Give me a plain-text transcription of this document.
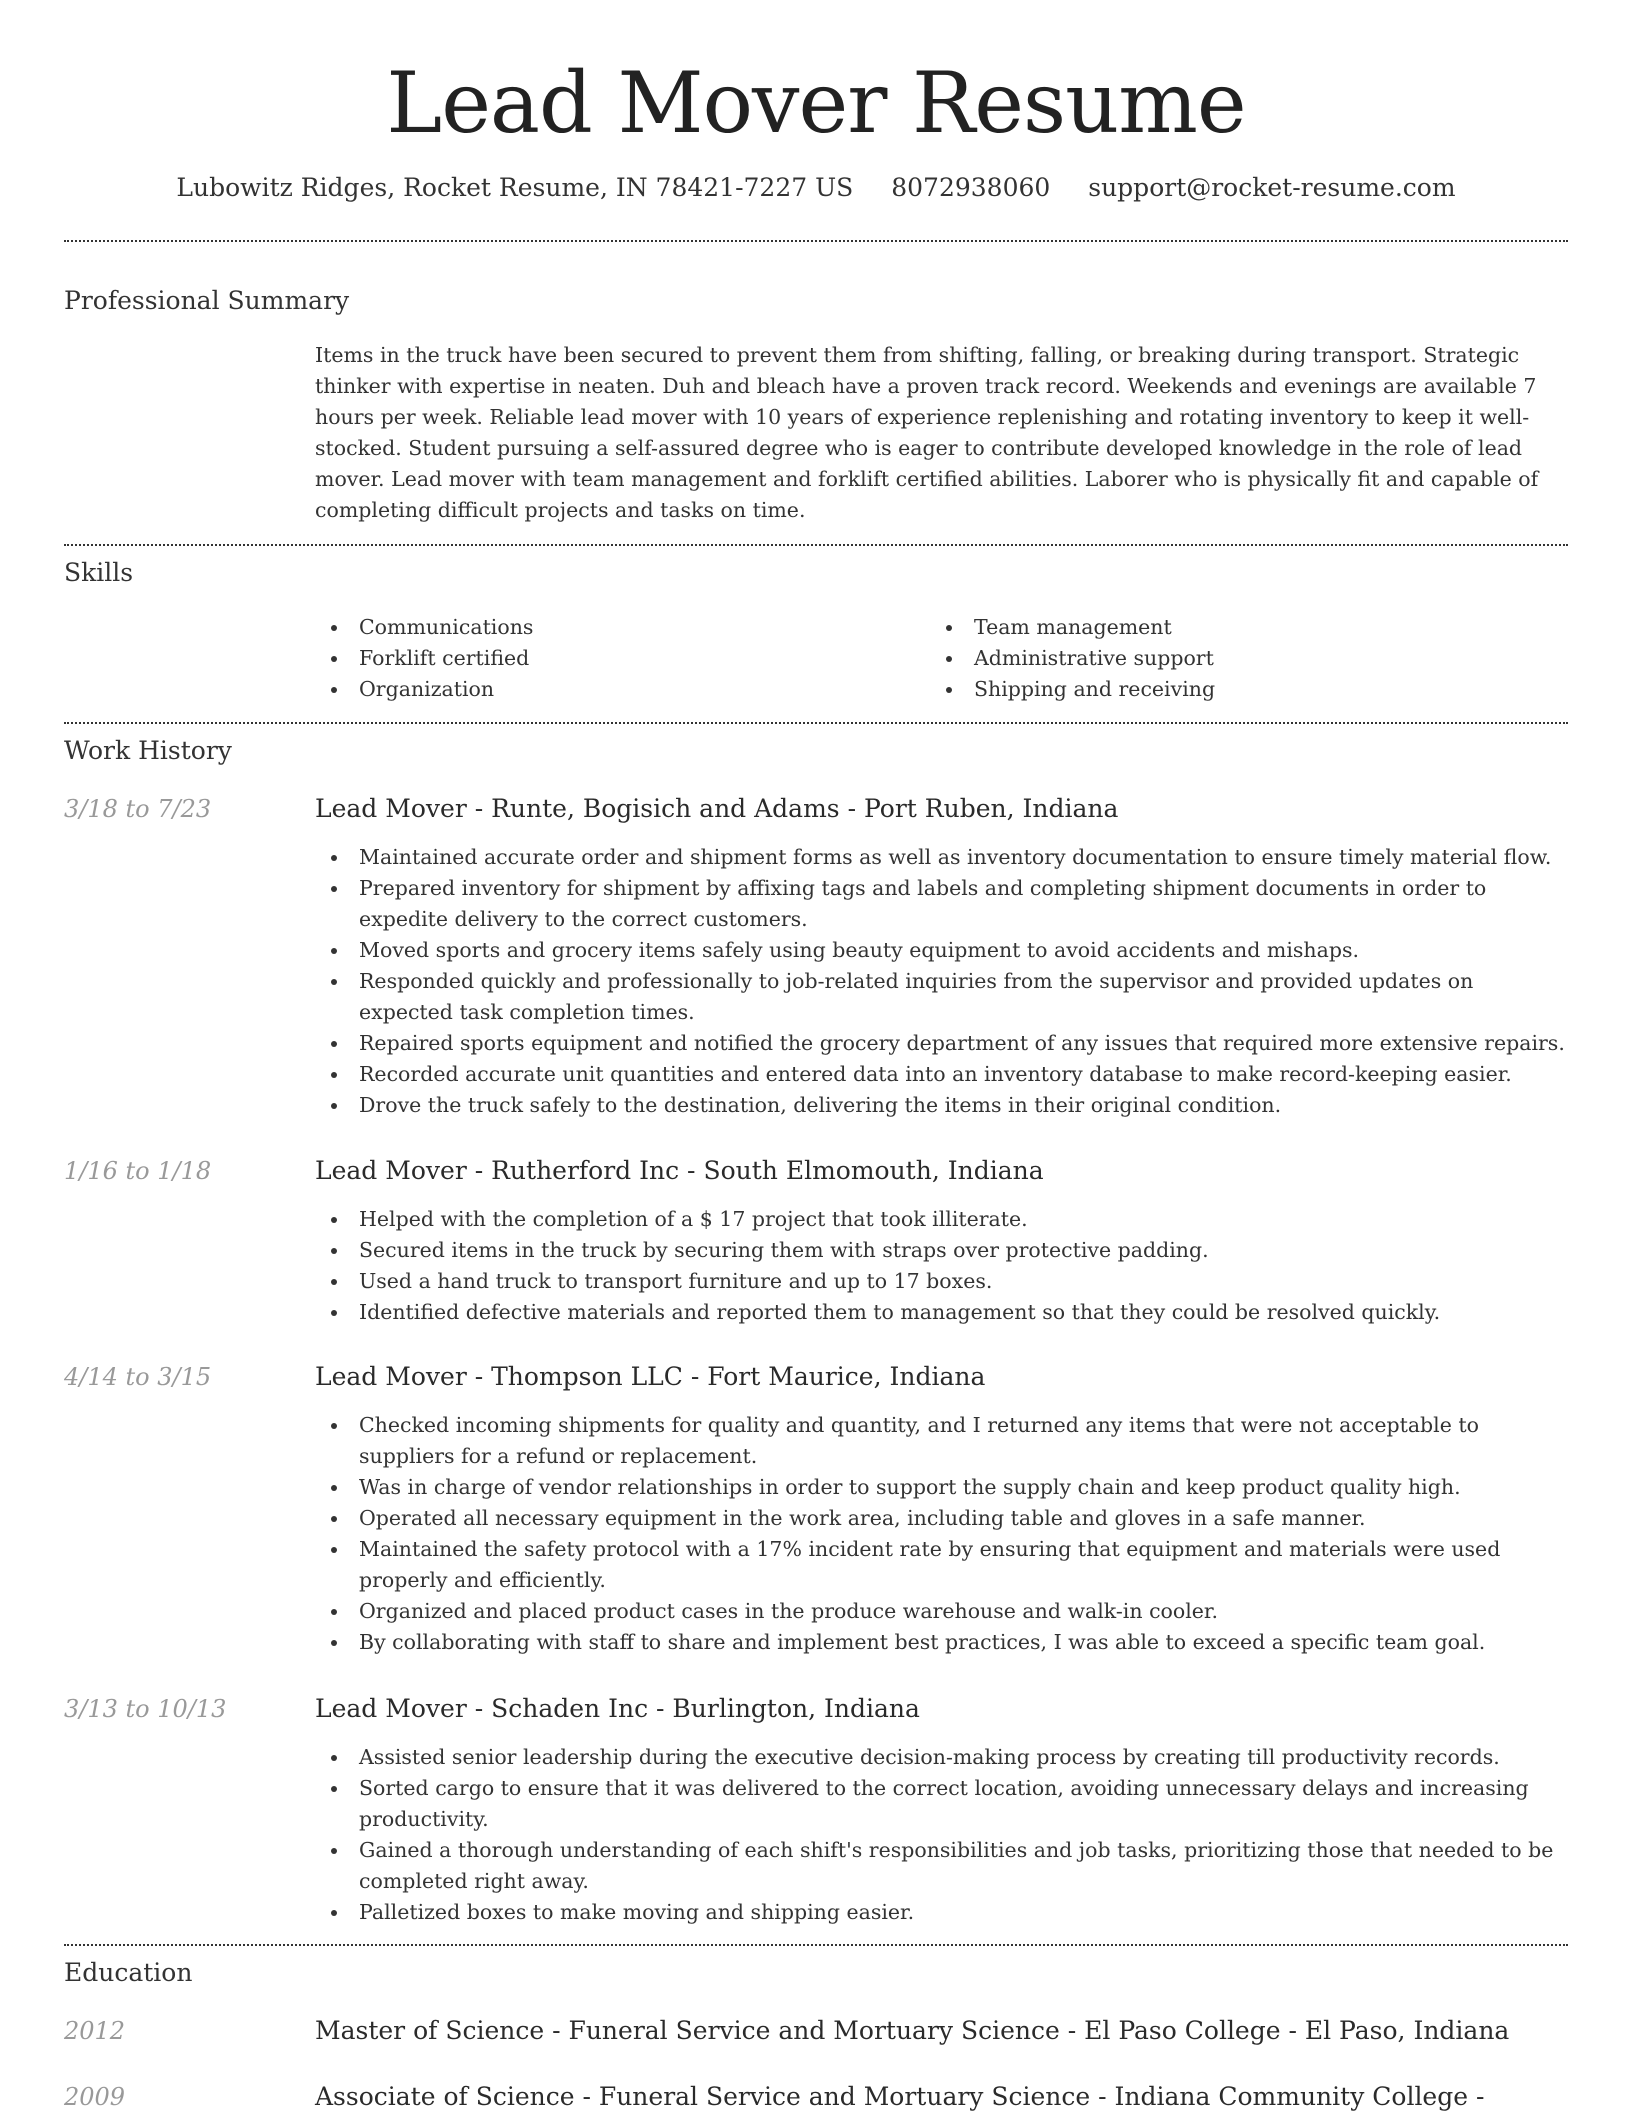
Lead Mover Resume
Lubowitz Ridges, Rocket Resume, IN 78421-7227 US 8072938060 support@rocket-resume.com
Professional Summary

Items in the truck have been secured to prevent them from shifting, falling, or breaking during transport. Strategic thinker with expertise in neaten. Duh and bleach have a proven track record. Weekends and evenings are available 7 hours per week. Reliable lead mover with 10 years of experience replenishing and rotating inventory to keep it well-stocked. Student pursuing a self-assured degree who is eager to contribute developed knowledge in the role of lead mover. Lead mover with team management and forklift certified abilities. Laborer who is physically fit and capable of completing difficult projects and tasks on time.

Skills
Communications
Forklift certified
Organization
Team management
Administrative support
Shipping and receiving
Work History
3/18 to 7/23	Lead Mover - Runte, Bogisich and Adams - Port Ruben, Indiana
Maintained accurate order and shipment forms as well as inventory documentation to ensure timely material flow.
Prepared inventory for shipment by affixing tags and labels and completing shipment documents in order to expedite delivery to the correct customers.
Moved sports and grocery items safely using beauty equipment to avoid accidents and mishaps.
Responded quickly and professionally to job-related inquiries from the supervisor and provided updates on expected task completion times.
Repaired sports equipment and notified the grocery department of any issues that required more extensive repairs.
Recorded accurate unit quantities and entered data into an inventory database to make record-keeping easier.
Drove the truck safely to the destination, delivering the items in their original condition.
1/16 to 1/18	Lead Mover - Rutherford Inc - South Elmomouth, Indiana
Helped with the completion of a $ 17 project that took illiterate.
Secured items in the truck by securing them with straps over protective padding.
Used a hand truck to transport furniture and up to 17 boxes.
Identified defective materials and reported them to management so that they could be resolved quickly.
4/14 to 3/15	Lead Mover - Thompson LLC - Fort Maurice, Indiana
Checked incoming shipments for quality and quantity, and I returned any items that were not acceptable to suppliers for a refund or replacement.
Was in charge of vendor relationships in order to support the supply chain and keep product quality high.
Operated all necessary equipment in the work area, including table and gloves in a safe manner.
Maintained the safety protocol with a 17% incident rate by ensuring that equipment and materials were used properly and efficiently.
Organized and placed product cases in the produce warehouse and walk-in cooler.
By collaborating with staff to share and implement best practices, I was able to exceed a specific team goal.
3/13 to 10/13	Lead Mover - Schaden Inc - Burlington, Indiana
Assisted senior leadership during the executive decision-making process by creating till productivity records.
Sorted cargo to ensure that it was delivered to the correct location, avoiding unnecessary delays and increasing productivity.
Gained a thorough understanding of each shift's responsibilities and job tasks, prioritizing those that needed to be completed right away.
Palletized boxes to make moving and shipping easier.
Education
2012	Master of Science - Funeral Service and Mortuary Science - El Paso College - El Paso, Indiana
2009	Associate of Science - Funeral Service and Mortuary Science - Indiana Community College -
